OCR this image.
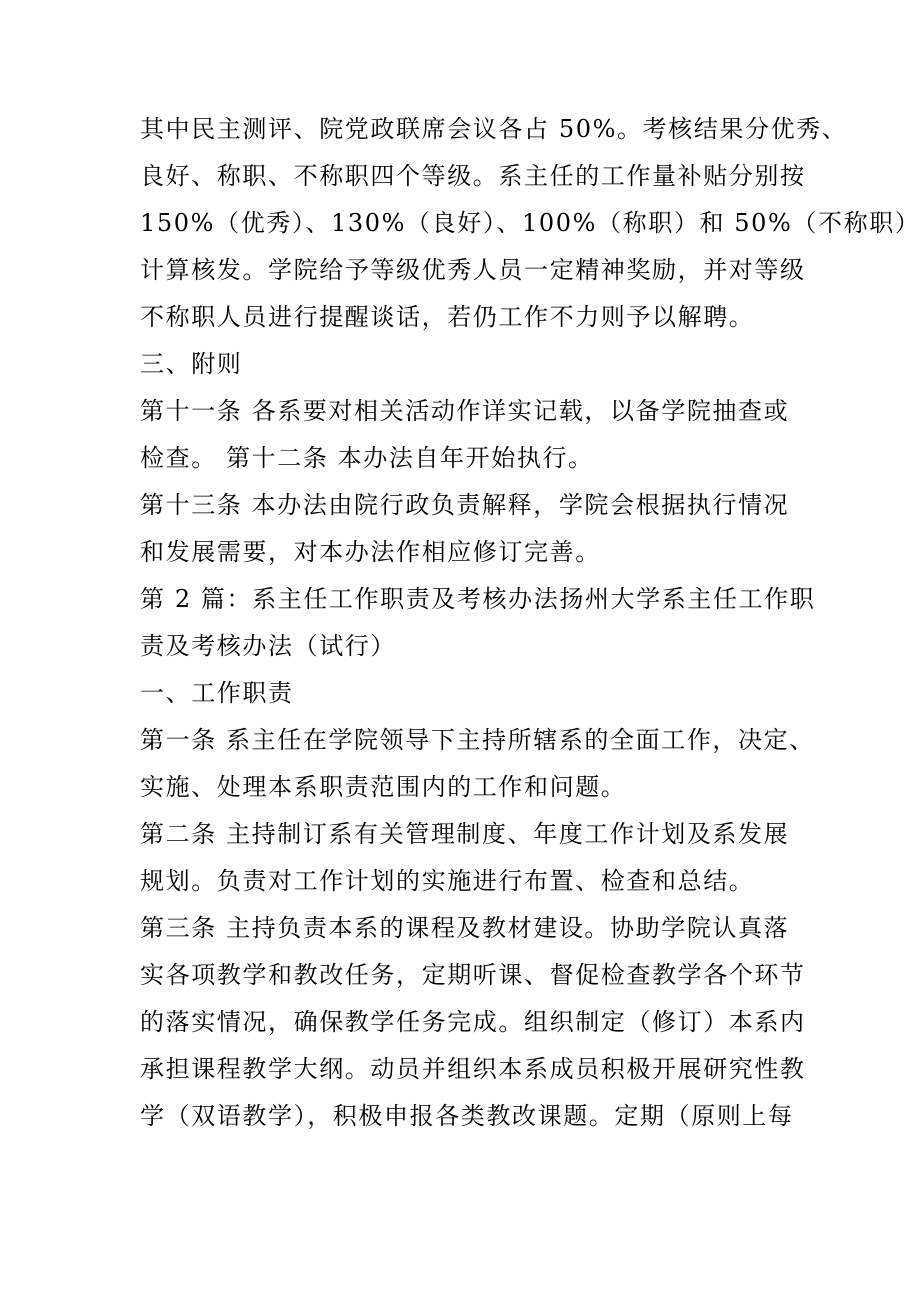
其中民主测评、院党政联席会议各占 50%。考核结果分优秀、
良好、称职、不称职四个等级。系主任的工作量补贴分别按
150%（优秀）、130%（良好）、100%（称职）和 50%（不称职）
计算核发。学院给予等级优秀人员一定精神奖励，并对等级
不称职人员进行提醒谈话，若仍工作不力则予以解聘。
三、附则
第十一条 各系要对相关活动作详实记载，以备学院抽查或
检查。 第十二条 本办法自年开始执行。
第十三条 本办法由院行政负责解释，学院会根据执行情况
和发展需要，对本办法作相应修订完善。
第 2 篇：系主任工作职责及考核办法扬州大学系主任工作职
责及考核办法（试行）
一、工作职责
第一条 系主任在学院领导下主持所辖系的全面工作，决定、
实施、处理本系职责范围内的工作和问题。
第二条 主持制订系有关管理制度、年度工作计划及系发展
规划。负责对工作计划的实施进行布置、检查和总结。
第三条 主持负责本系的课程及教材建设。协助学院认真落
实各项教学和教改任务，定期听课、督促检查教学各个环节
的落实情况，确保教学任务完成。组织制定（修订）本系内
承担课程教学大纲。动员并组织本系成员积极开展研究性教
学（双语教学），积极申报各类教改课题。定期（原则上每
